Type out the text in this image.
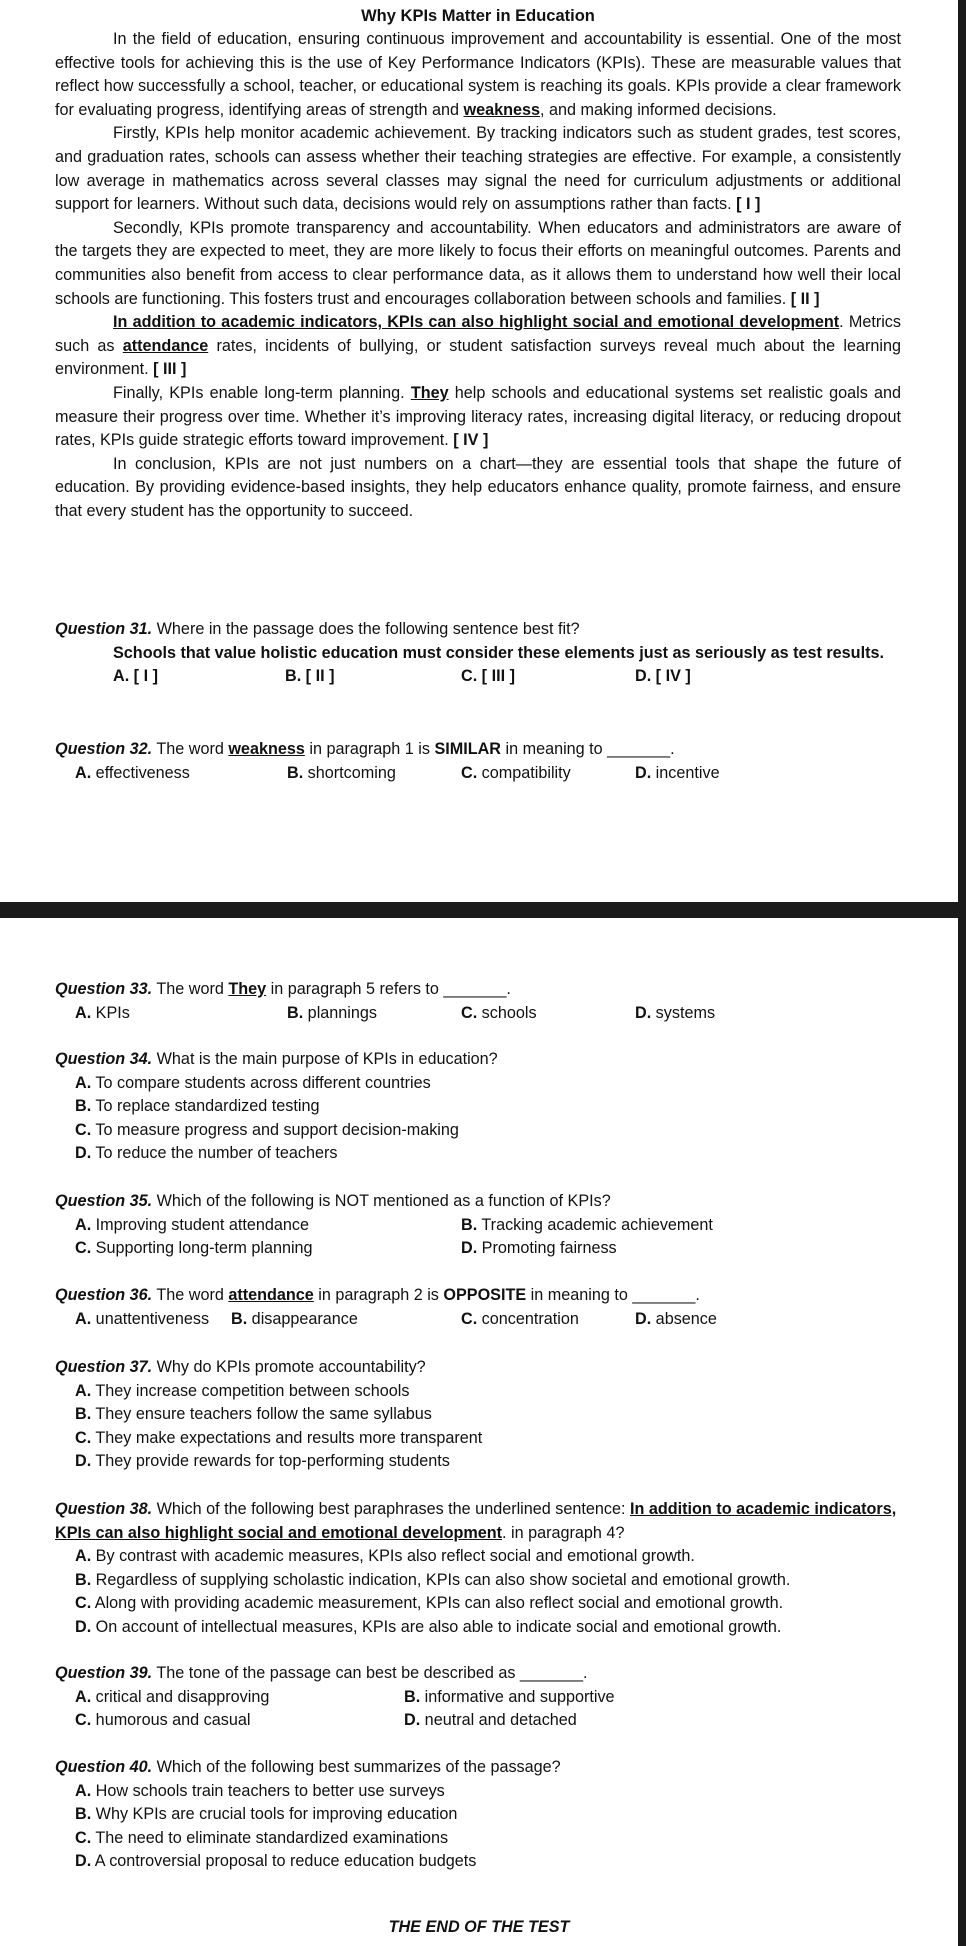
Why KPIs Matter in Education

In the field of education, ensuring continuous improvement and accountability is essential. One of the most effective tools for achieving this is the use of Key Performance Indicators (KPIs). These are measurable values that reflect how successfully a school, teacher, or educational system is reaching its goals. KPIs provide a clear framework for evaluating progress, identifying areas of strength and weakness, and making informed decisions.

Firstly, KPIs help monitor academic achievement. By tracking indicators such as student grades, test scores, and graduation rates, schools can assess whether their teaching strategies are effective. For example, a consistently low average in mathematics across several classes may signal the need for curriculum adjustments or additional support for learners. Without such data, decisions would rely on assumptions rather than facts. [ I ]

Secondly, KPIs promote transparency and accountability. When educators and administrators are aware of the targets they are expected to meet, they are more likely to focus their efforts on meaningful outcomes. Parents and communities also benefit from access to clear performance data, as it allows them to understand how well their local schools are functioning. This fosters trust and encourages collaboration between schools and families. [ II ]

In addition to academic indicators, KPIs can also highlight social and emotional development. Metrics such as attendance rates, incidents of bullying, or student satisfaction surveys reveal much about the learning environment. [ III ]

Finally, KPIs enable long-term planning. They help schools and educational systems set realistic goals and measure their progress over time. Whether it’s improving literacy rates, increasing digital literacy, or reducing dropout rates, KPIs guide strategic efforts toward improvement. [ IV ]

In conclusion, KPIs are not just numbers on a chart—they are essential tools that shape the future of education. By providing evidence-based insights, they help educators enhance quality, promote fairness, and ensure that every student has the opportunity to succeed.

Question 31. Where in the passage does the following sentence best fit?

Schools that value holistic education must consider these elements just as seriously as test results.

A. [ I ]	B. [ II ]	C. [ III ]	D. [ IV ]

Question 32. The word weakness in paragraph 1 is SIMILAR in meaning to _______.

A. effectiveness	B. shortcoming	C. compatibility	D. incentive

Question 33. The word They in paragraph 5 refers to _______.

A. KPIs	B. plannings	C. schools	D. systems

Question 34. What is the main purpose of KPIs in education?

A. To compare students across different countries

B. To replace standardized testing

C. To measure progress and support decision-making

D. To reduce the number of teachers

Question 35. Which of the following is NOT mentioned as a function of KPIs?

A. Improving student attendance	B. Tracking academic achievement
C. Supporting long-term planning	D. Promoting fairness

Question 36. The word attendance in paragraph 2 is OPPOSITE in meaning to _______.

A. unattentiveness B. disappearance	C. concentration	D. absence

Question 37. Why do KPIs promote accountability?

A. They increase competition between schools

B. They ensure teachers follow the same syllabus

C. They make expectations and results more transparent

D. They provide rewards for top-performing students

Question 38. Which of the following best paraphrases the underlined sentence: In addition to academic indicators, KPIs can also highlight social and emotional development. in paragraph 4?

A. By contrast with academic measures, KPIs also reflect social and emotional growth.

B. Regardless of supplying scholastic indication, KPIs can also show societal and emotional growth.

C. Along with providing academic measurement, KPIs can also reflect social and emotional growth.

D. On account of intellectual measures, KPIs are also able to indicate social and emotional growth.

Question 39. The tone of the passage can best be described as _______.

A. critical and disapproving	B. informative and supportive
C. humorous and casual	D. neutral and detached

Question 40. Which of the following best summarizes of the passage?

A. How schools train teachers to better use surveys

B. Why KPIs are crucial tools for improving education

C. The need to eliminate standardized examinations

D. A controversial proposal to reduce education budgets

THE END OF THE TEST
